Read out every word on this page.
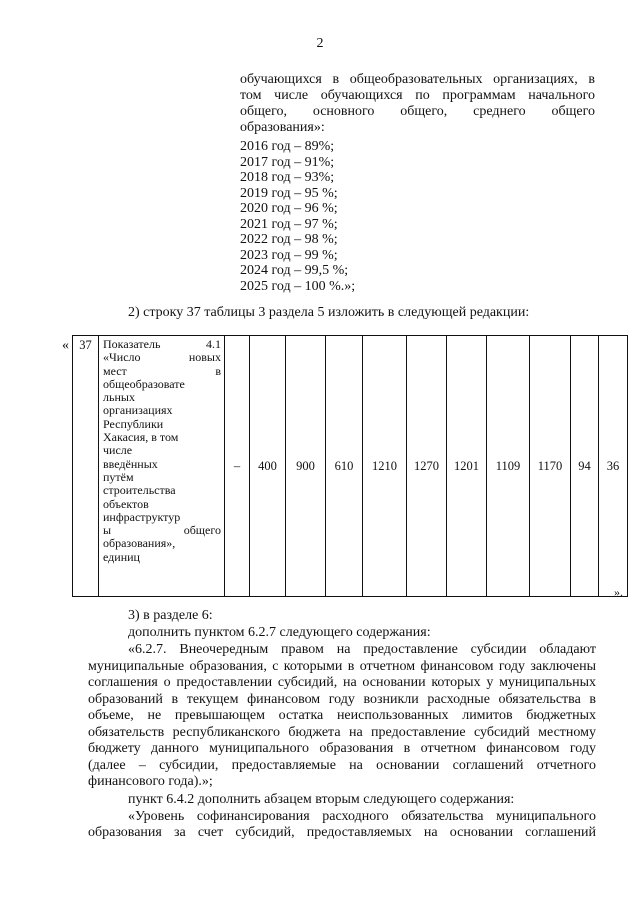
2
обучающихся в общеобразовательных организациях, в
том числе обучающихся по программам начального
общего, основного общего, среднего общего
образования»:
2016 год – 89%;
2017 год – 91%;
2018 год – 93%;
2019 год – 95 %;
2020 год – 96 %;
2021 год – 97 %;
2022 год – 98 %;
2023 год – 99 %;
2024 год – 99,5 %;
2025 год – 100 %.»;
2) строку 37 таблицы 3 раздела 5 изложить в следующей редакции:
« 37	Показатель 4.1
«Число новых
мест в
общеобразовате
льных
организациях
Республики
Хакасия, в том
числе
введённых
путём
строительства
объектов
инфраструктур
ы общего
образования»,
единиц
	–	400	900	610	1210	1270	1201	1109	1170	94	36
».
3) в разделе 6:
дополнить пунктом 6.2.7 следующего содержания:
«6.2.7. Внеочередным правом на предоставление субсидии обладают
муниципальные образования, с которыми в отчетном финансовом году заключены
соглашения о предоставлении субсидий, на основании которых у муниципальных
образований в текущем финансовом году возникли расходные обязательства в
объеме, не превышающем остатка неиспользованных лимитов бюджетных
обязательств республиканского бюджета на предоставление субсидий местному
бюджету данного муниципального образования в отчетном финансовом году
(далее – субсидии, предоставляемые на основании соглашений отчетного
финансового года).»;
пункт 6.4.2 дополнить абзацем вторым следующего содержания:
«Уровень софинансирования расходного обязательства муниципального
образования за счет субсидий, предоставляемых на основании соглашений
